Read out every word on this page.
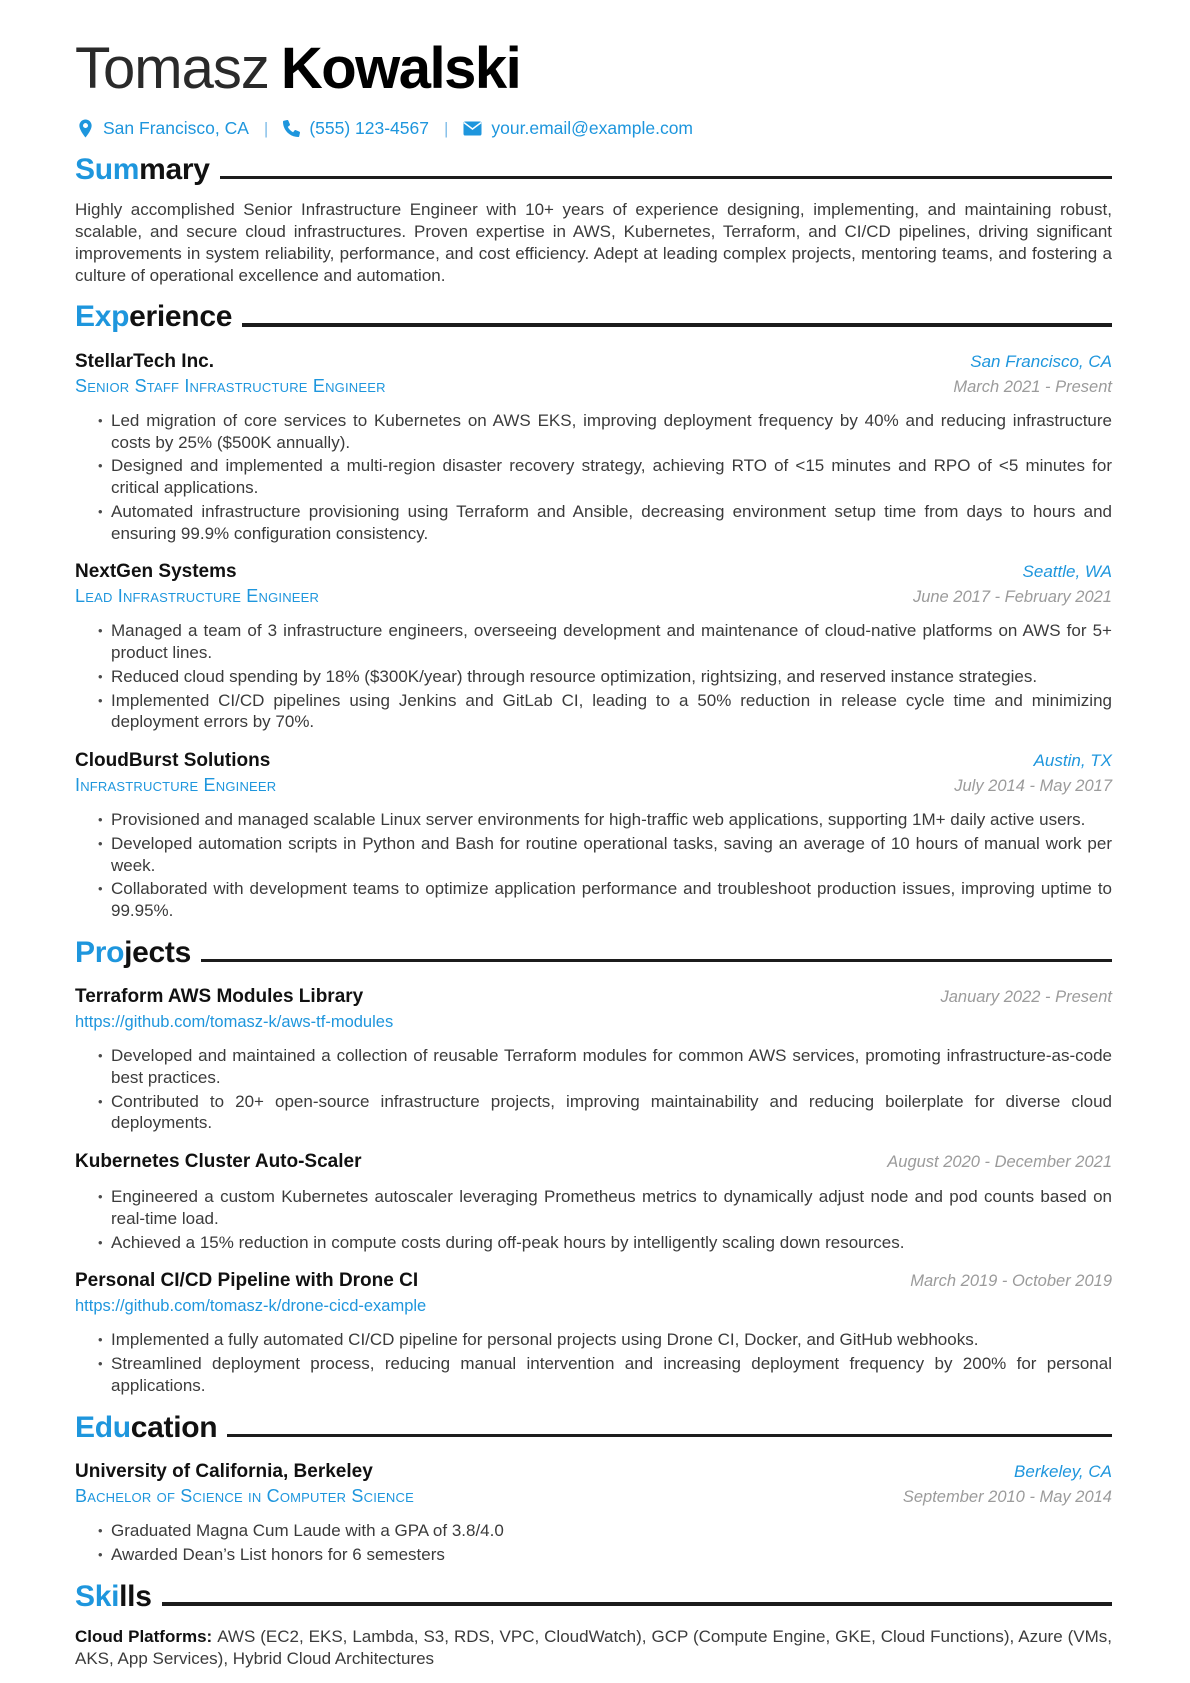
Tomasz Kowalski
San Francisco, CA | (555) 123-4567 | your.email@example.com
Summary

Highly accomplished Senior Infrastructure Engineer with 10+ years of experience designing, implementing, and maintaining robust, scalable, and secure cloud infrastructures. Proven expertise in AWS, Kubernetes, Terraform, and CI/CD pipelines, driving significant improvements in system reliability, performance, and cost efficiency. Adept at leading complex projects, mentoring teams, and fostering a culture of operational excellence and automation.

Experience
StellarTech Inc.	San Francisco, CA
Senior Staff Infrastructure Engineer	March 2021 - Present
• Led migration of core services to Kubernetes on AWS EKS, improving deployment frequency by 40% and reducing infrastructure costs by 25% ($500K annually).
• Designed and implemented a multi-region disaster recovery strategy, achieving RTO of <15 minutes and RPO of <5 minutes for critical applications.
• Automated infrastructure provisioning using Terraform and Ansible, decreasing environment setup time from days to hours and ensuring 99.9% configuration consistency.
NextGen Systems	Seattle, WA
Lead Infrastructure Engineer	June 2017 - February 2021
• Managed a team of 3 infrastructure engineers, overseeing development and maintenance of cloud-native platforms on AWS for 5+ product lines.
• Reduced cloud spending by 18% ($300K/year) through resource optimization, rightsizing, and reserved instance strategies.
• Implemented CI/CD pipelines using Jenkins and GitLab CI, leading to a 50% reduction in release cycle time and minimizing deployment errors by 70%.
CloudBurst Solutions	Austin, TX
Infrastructure Engineer	July 2014 - May 2017
• Provisioned and managed scalable Linux server environments for high-traffic web applications, supporting 1M+ daily active users.
• Developed automation scripts in Python and Bash for routine operational tasks, saving an average of 10 hours of manual work per week.
• Collaborated with development teams to optimize application performance and troubleshoot production issues, improving uptime to 99.95%.
Projects
Terraform AWS Modules Library	January 2022 - Present
https://github.com/tomasz-k/aws-tf-modules
• Developed and maintained a collection of reusable Terraform modules for common AWS services, promoting infrastructure-as-code best practices.
• Contributed to 20+ open-source infrastructure projects, improving maintainability and reducing boilerplate for diverse cloud deployments.
Kubernetes Cluster Auto-Scaler	August 2020 - December 2021
• Engineered a custom Kubernetes autoscaler leveraging Prometheus metrics to dynamically adjust node and pod counts based on real-time load.
• Achieved a 15% reduction in compute costs during off-peak hours by intelligently scaling down resources.
Personal CI/CD Pipeline with Drone CI	March 2019 - October 2019
https://github.com/tomasz-k/drone-cicd-example
• Implemented a fully automated CI/CD pipeline for personal projects using Drone CI, Docker, and GitHub webhooks.
• Streamlined deployment process, reducing manual intervention and increasing deployment frequency by 200% for personal applications.
Education
University of California, Berkeley	Berkeley, CA
Bachelor of Science in Computer Science	September 2010 - May 2014
• Graduated Magna Cum Laude with a GPA of 3.8/4.0
• Awarded Dean’s List honors for 6 semesters
Skills

Cloud Platforms: AWS (EC2, EKS, Lambda, S3, RDS, VPC, CloudWatch), GCP (Compute Engine, GKE, Cloud Functions), Azure (VMs, AKS, App Services), Hybrid Cloud Architectures
